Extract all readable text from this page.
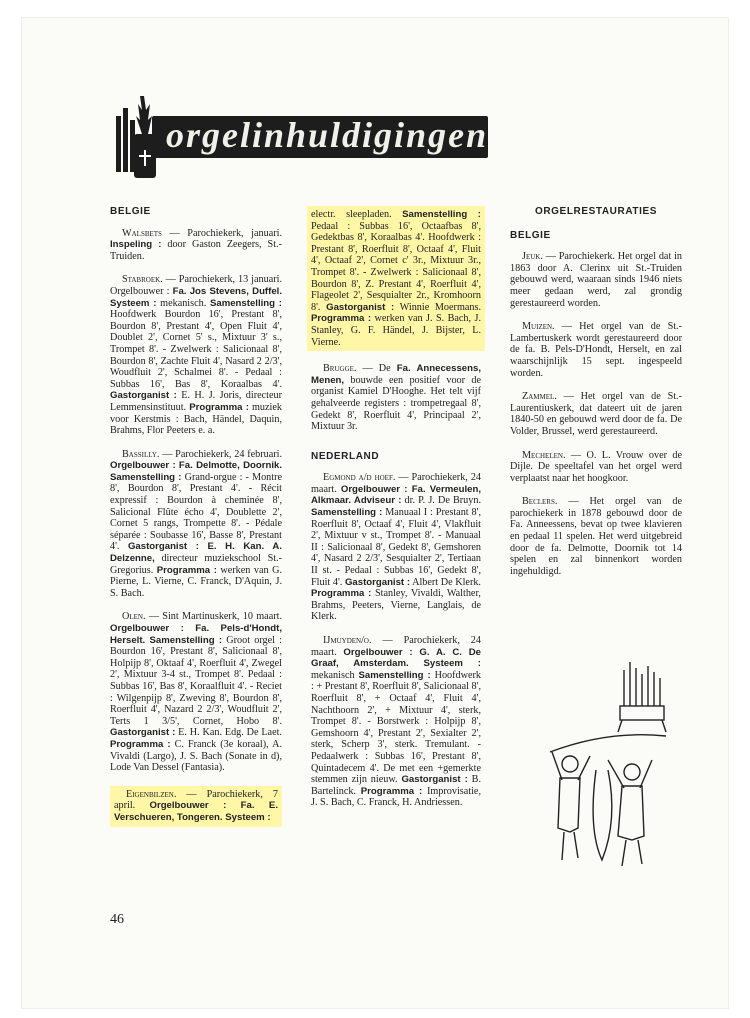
orgelinhuldigingen
BELGIE

Walsbets — Parochiekerk, januari. Inspeling : door Gaston Zeegers, St.-Truiden.

Stabroek. — Parochiekerk, 13 januari. Orgelbouwer : Fa. Jos Stevens, Duffel. Systeem : mekanisch. Samenstelling : Hoofdwerk Bourdon 16', Prestant 8', Bourdon 8', Prestant 4', Open Fluit 4', Doublet 2', Cornet 5' s., Mixtuur 3' s., Trompet 8'. - Zwelwerk : Salicionaal 8', Bourdon 8', Zachte Fluit 4', Nasard 2 2/3', Woudfluit 2', Schalmei 8'. - Pedaal : Subbas 16', Bas 8', Koraalbas 4'. Gastorganist : E. H. J. Joris, directeur Lemmensinstituut. Programma : muziek voor Kerstmis : Bach, Händel, Daquin, Brahms, Flor Peeters e. a.

Bassilly. — Parochiekerk, 24 februari. Orgelbouwer : Fa. Delmotte, Doornik. Samenstelling : Grand-orgue : - Montre 8', Bourdon 8', Prestant 4'. - Récit expressif : Bourdon à cheminée 8', Salicional Flûte écho 4', Doublette 2', Cornet 5 rangs, Trompette 8'. - Pédale séparée : Soubasse 16', Basse 8', Prestant 4'. Gastorganist : E. H. Kan. A. Delzenne, directeur muziekschool St.-Gregorius. Programma : werken van G. Pierne, L. Vierne, C. Franck, D'Aquin, J. S. Bach.

Olen. — Sint Martinuskerk, 10 maart. Orgelbouwer : Fa. Pels-d'Hondt, Herselt. Samenstelling : Groot orgel : Bourdon 16', Prestant 8', Salicionaal 8', Holpijp 8', Oktaaf 4', Roerfluit 4', Zwegel 2', Mixtuur 3-4 st., Trompet 8'. Pedaal : Subbas 16', Bas 8', Koraalfluit 4'. - Reciet : Wilgenpijp 8', Zweving 8', Bourdon 8', Roerfluit 4', Nazard 2 2/3', Woudfluit 2', Terts 1 3/5', Cornet, Hobo 8'. Gastorganist : E. H. Kan. Edg. De Laet. Programma : C. Franck (3e koraal), A. Vivaldi (Largo), J. S. Bach (Sonate in d), Lode Van Dessel (Fantasia).

Eigenbilzen. — Parochiekerk, 7 april. Orgelbouwer : Fa. E. Verschueren, Tongeren. Systeem :

electr. sleepladen. Samenstelling : Pedaal : Subbas 16', Octaafbas 8', Gedektbas 8', Koraalbas 4'. Hoofdwerk : Prestant 8', Roerfluit 8', Octaaf 4', Fluit 4', Octaaf 2', Cornet c' 3r., Mixtuur 3r., Trompet 8'. - Zwelwerk : Salicionaal 8', Bourdon 8', Z. Prestant 4', Roerfluit 4', Flageolet 2', Sesquialter 2r., Kromhoorn 8'. Gastorganist : Winnie Moermans. Programma : werken van J. S. Bach, J. Stanley, G. F. Händel, J. Bijster, L. Vierne.

Brugge. — De Fa. Annecessens, Menen, bouwde een positief voor de organist Kamiel D'Hooghe. Het telt vijf gehalveerde registers : trompetregaal 8', Gedekt 8', Roerfluit 4', Principaal 2', Mixtuur 3r.

NEDERLAND

Egmond a/d hoef. — Parochiekerk, 24 maart. Orgelbouwer : Fa. Vermeulen, Alkmaar. Adviseur : dr. P. J. De Bruyn. Samenstelling : Manuaal I : Prestant 8', Roerfluit 8', Octaaf 4', Fluit 4', Vlakfluit 2', Mixtuur v st., Trompet 8'. - Manuaal II : Salicionaal 8', Gedekt 8', Gemshoren 4', Nasard 2 2/3', Sesquialter 2', Tertiaan II st. - Pedaal : Subbas 16', Gedekt 8', Fluit 4'. Gastorganist : Albert De Klerk. Programma : Stanley, Vivaldi, Walther, Brahms, Peeters, Vierne, Langlais, de Klerk.

IJmuyden/o. — Parochiekerk, 24 maart. Orgelbouwer : G. A. C. De Graaf, Amsterdam. Systeem : mekanisch Samenstelling : Hoofdwerk : + Prestant 8', Roerfluit 8', Salicionaal 8', Roerfluit 8', + Octaaf 4', Fluit 4', Nachthoorn 2', + Mixtuur 4', sterk, Trompet 8'. - Borstwerk : Holpijp 8', Gemshoorn 4', Prestant 2', Sexialter 2', sterk, Scherp 3', sterk. Tremulant. - Pedaalwerk : Subbas 16', Prestant 8', Quintadecem 4'. De met een +gemerkte stemmen zijn nieuw. Gastorganist : B. Bartelinck. Programma : Improvisatie, J. S. Bach, C. Franck, H. Andriessen.

ORGELRESTAURATIES
BELGIE

Jeuk. — Parochiekerk. Het orgel dat in 1863 door A. Clerinx uit St.-Truiden gebouwd werd, waaraan sinds 1946 niets meer gedaan werd, zal grondig gerestaureerd worden.

Muizen. — Het orgel van de St.-Lambertuskerk wordt gerestaureerd door de fa. B. Pels-D'Hondt, Herselt, en zal waarschijnlijk 15 sept. ingespeeld worden.

Zammel. — Het orgel van de St.-Laurentiuskerk, dat dateert uit de jaren 1840-50 en gebouwd werd door de fa. De Volder, Brussel, werd gerestaureerd.

Mechelen. — O. L. Vrouw over de Dijle. De speeltafel van het orgel werd verplaatst naar het hoogkoor.

Beclers. — Het orgel van de parochiekerk in 1878 gebouwd door de Fa. Anneessens, bevat op twee klavieren en pedaal 11 spelen. Het werd uitgebreid door de fa. Delmotte, Doornik tot 14 spelen en zal binnenkort worden ingehuldigd.

46
